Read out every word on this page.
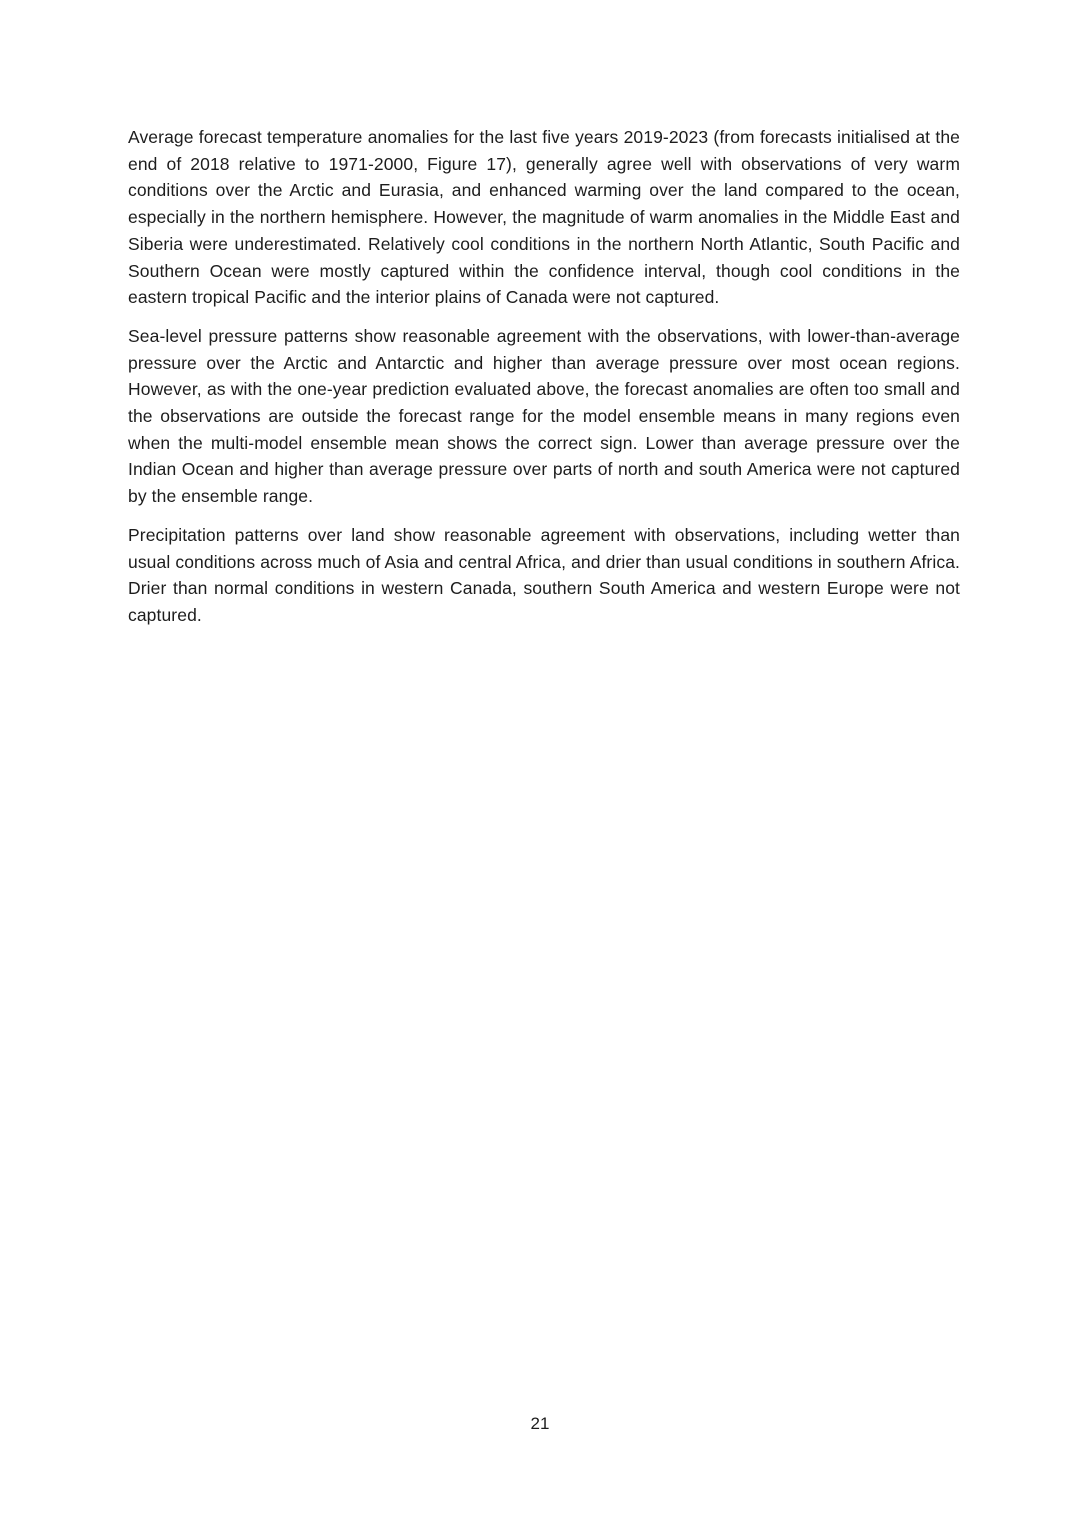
Average forecast temperature anomalies for the last five years 2019-2023 (from forecasts initialised at the end of 2018 relative to 1971-2000, Figure 17), generally agree well with observations of very warm conditions over the Arctic and Eurasia, and enhanced warming over the land compared to the ocean, especially in the northern hemisphere. However, the magnitude of warm anomalies in the Middle East and Siberia were underestimated. Relatively cool conditions in the northern North Atlantic, South Pacific and Southern Ocean were mostly captured within the confidence interval, though cool conditions in the eastern tropical Pacific and the interior plains of Canada were not captured.

Sea-level pressure patterns show reasonable agreement with the observations, with lower-than-average pressure over the Arctic and Antarctic and higher than average pressure over most ocean regions. However, as with the one-year prediction evaluated above, the forecast anomalies are often too small and the observations are outside the forecast range for the model ensemble means in many regions even when the multi-model ensemble mean shows the correct sign. Lower than average pressure over the Indian Ocean and higher than average pressure over parts of north and south America were not captured by the ensemble range.

Precipitation patterns over land show reasonable agreement with observations, including wetter than usual conditions across much of Asia and central Africa, and drier than usual conditions in southern Africa. Drier than normal conditions in western Canada, southern South America and western Europe were not captured.

21
